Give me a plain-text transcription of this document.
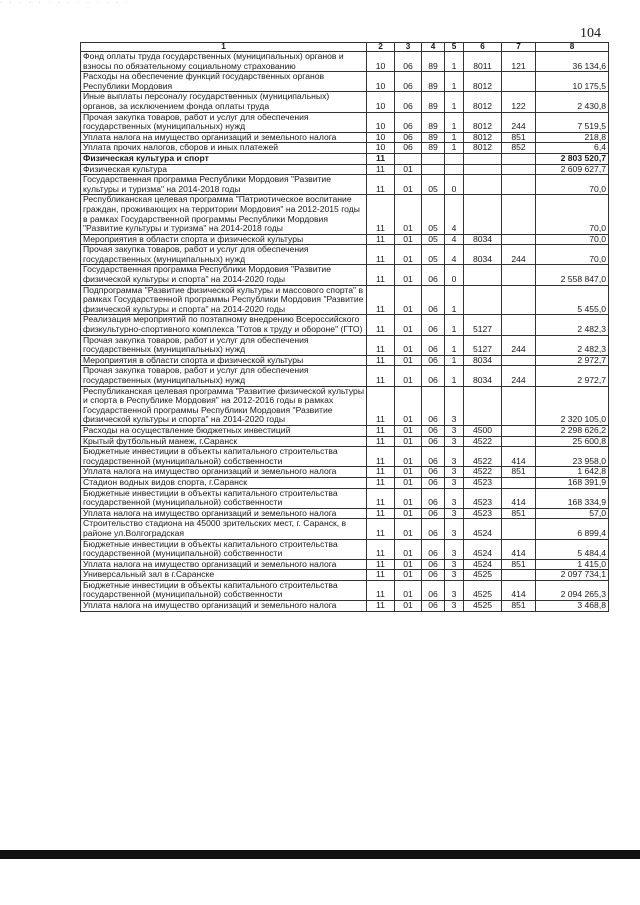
· · · · · · · · · · · · · ·
104
1	2	3	4	5	6	7	8
Фонд оплаты труда государственных (муниципальных) органов и взносы по обязательному социальному страхованию	10	06	89	1	8011	121	36 134,6
Расходы на обеспечение функций государственных органов Республики Мордовия	10	06	89	1	8012		10 175,5
Иные выплаты персоналу государственных (муниципальных) органов, за исключением фонда оплаты труда	10	06	89	1	8012	122	2 430,8
Прочая закупка товаров, работ и услуг для обеспечения государственных (муниципальных) нужд	10	06	89	1	8012	244	7 519,5
Уплата налога на имущество организаций и земельного налога	10	06	89	1	8012	851	218,8
Уплата прочих налогов, сборов и иных платежей	10	06	89	1	8012	852	6,4
Физическая культура и спорт	11						2 803 520,7
Физическая культура	11	01					2 609 627,7
Государственная программа Республики Мордовия "Развитие культуры и туризма" на 2014-2018 годы	11	01	05	0			70,0
Республиканская целевая программа "Патриотическое воспитание граждан, проживающих на территории Мордовия" на 2012-2015 годы в рамках Государственной программы Республики Мордовия "Развитие культуры и туризма" на 2014-2018 годы	11	01	05	4			70,0
Мероприятия в области спорта и физической культуры	11	01	05	4	8034		70,0
Прочая закупка товаров, работ и услуг для обеспечения государственных (муниципальных) нужд	11	01	05	4	8034	244	70,0
Государственная программа Республики Мордовия "Развитие физической культуры и спорта" на 2014-2020 годы	11	01	06	0			2 558 847,0
Подпрограмма "Развитие физической культуры и массового спорта" в рамках Государственной программы Республики Мордовия "Развитие физической культуры и спорта" на 2014-2020 годы	11	01	06	1			5 455,0
Реализация мероприятий по поэтапному внедрению Всероссийского физкультурно-спортивного комплекса "Готов к труду и обороне" (ГТО)	11	01	06	1	5127		2 482,3
Прочая закупка товаров, работ и услуг для обеспечения государственных (муниципальных) нужд	11	01	06	1	5127	244	2 482,3
Мероприятия в области спорта и физической культуры	11	01	06	1	8034		2 972,7
Прочая закупка товаров, работ и услуг для обеспечения государственных (муниципальных) нужд	11	01	06	1	8034	244	2 972,7
Республиканская целевая программа "Развитие физической культуры и спорта в Республике Мордовия" на 2012-2016 годы в рамках Государственной программы Республики Мордовия "Развитие физической культуры и спорта" на 2014-2020 годы	11	01	06	3			2 320 105,0
Расходы на осуществление бюджетных инвестиций	11	01	06	3	4500		2 298 626,2
Крытый футбольный манеж, г.Саранск	11	01	06	3	4522		25 600,8
Бюджетные инвестиции в объекты капитального строительства государственной (муниципальной) собственности	11	01	06	3	4522	414	23 958,0
Уплата налога на имущество организаций и земельного налога	11	01	06	3	4522	851	1 642,8
Стадион водных видов спорта, г.Саранск	11	01	06	3	4523		168 391,9
Бюджетные инвестиции в объекты капитального строительства государственной (муниципальной) собственности	11	01	06	3	4523	414	168 334,9
Уплата налога на имущество организаций и земельного налога	11	01	06	3	4523	851	57,0
Строительство стадиона на 45000 зрительских мест, г. Саранск, в районе ул.Волгоградская	11	01	06	3	4524		6 899,4
Бюджетные инвестиции в объекты капитального строительства государственной (муниципальной) собственности	11	01	06	3	4524	414	5 484,4
Уплата налога на имущество организаций и земельного налога	11	01	06	3	4524	851	1 415,0
Универсальный зал в г.Саранске	11	01	06	3	4525		2 097 734,1
Бюджетные инвестиции в объекты капитального строительства государственной (муниципальной) собственности	11	01	06	3	4525	414	2 094 265,3
Уплата налога на имущество организаций и земельного налога	11	01	06	3	4525	851	3 468,8
